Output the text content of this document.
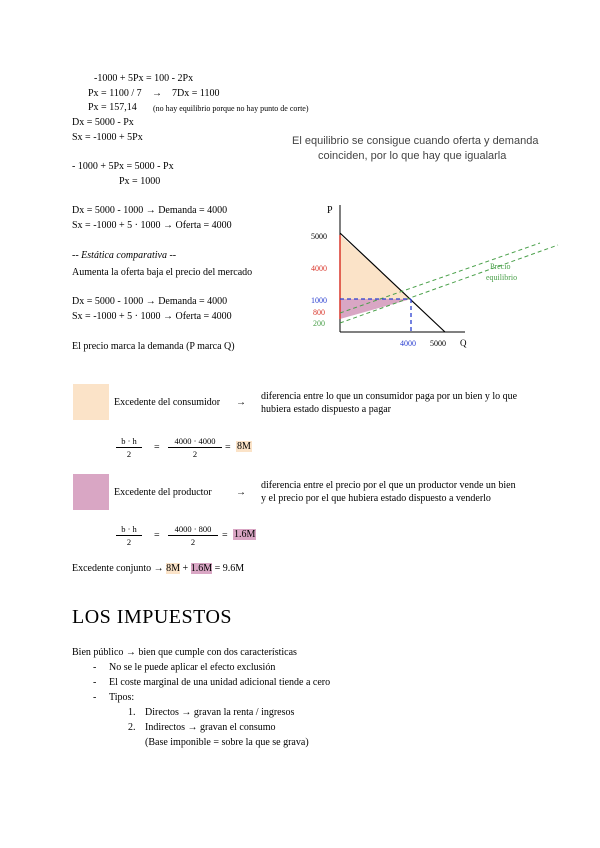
-1000 + 5Px = 100 - 2Px
Px = 1100 / 7 → 7Dx = 1100
Px = 157,14 (no hay equilibrio porque no hay punto de corte)
Dx = 5000 - Px
Sx = -1000 + 5Px
- 1000 + 5Px = 5000 - Px
Px = 1000
Dx = 5000 - 1000 → Demanda = 4000
Sx = -1000 + 5 · 1000 → Oferta = 4000
-- Estática comparativa --
Aumenta la oferta baja el precio del mercado
Dx = 5000 - 1000 → Demanda = 4000
Sx = -1000 + 5 · 1000 → Oferta = 4000
El precio marca la demanda (P marca Q)
El equilibrio se consigue cuando oferta y demanda
coinciden, por lo que hay que igualarla
P
Q
5000
4000
1000
800
200
4000 5000
Precio
equilibrio
Excedente del consumidor →
diferencia entre lo que un consumidor paga por un bien y lo que
hubiera estado dispuesto a pagar
$\frac{b \cdot h}{2} = \frac{4000 \cdot 4000}{2} = 8M$
Excedente del productor →
diferencia entre el precio por el que un productor vende un bien
y el precio por el que hubiera estado dispuesto a venderlo
$\frac{b \cdot h}{2} = \frac{4000 \cdot 800}{2} = 1.6M$
Excedente conjunto → 8M + 1.6M = 9.6M
LOS IMPUESTOS
Bien público → bien que cumple con dos características
- No se le puede aplicar el efecto exclusión
- El coste marginal de una unidad adicional tiende a cero
- Tipos:
1. Directos → gravan la renta / ingresos
2. Indirectos → gravan el consumo
(Base imponible = sobre la que se grava)
